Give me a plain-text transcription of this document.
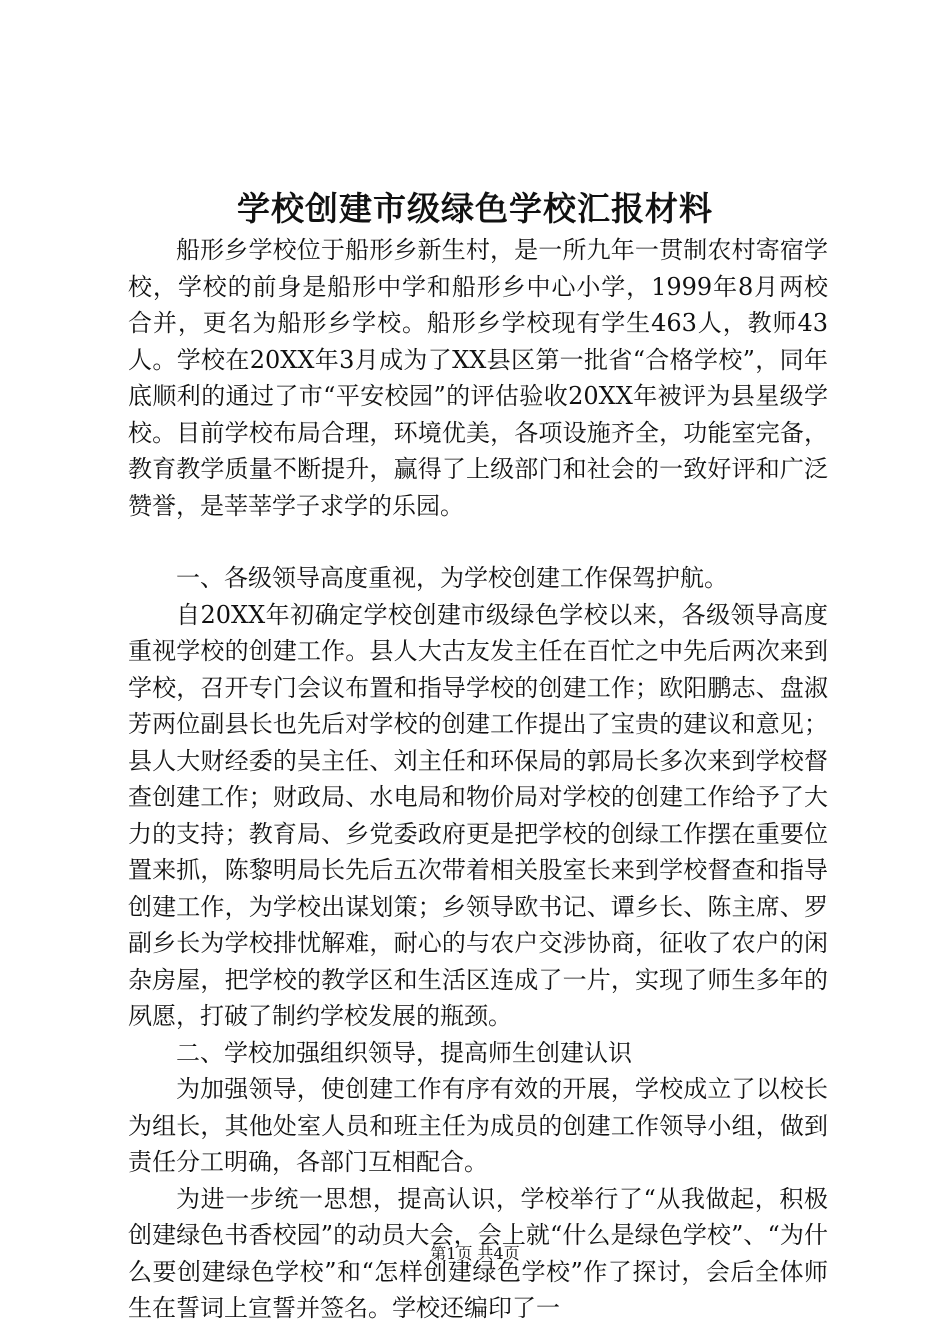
学校创建市级绿色学校汇报材料

船形乡学校位于船形乡新生村，是一所九年一贯制农村寄宿学校，学校的前身是船形中学和船形乡中心小学，1999年8月两校合并，更名为船形乡学校。船形乡学校现有学生463人，教师43人。学校在20XX年3月成为了XX县区第一批省“合格学校”，同年底顺利的通过了市“平安校园”的评估验收20XX年被评为县星级学校。目前学校布局合理，环境优美，各项设施齐全，功能室完备，教育教学质量不断提升，赢得了上级部门和社会的一致好评和广泛赞誉，是莘莘学子求学的乐园。

一、各级领导高度重视，为学校创建工作保驾护航。

自20XX年初确定学校创建市级绿色学校以来，各级领导高度重视学校的创建工作。县人大古友发主任在百忙之中先后两次来到学校，召开专门会议布置和指导学校的创建工作；欧阳鹏志、盘淑芳两位副县长也先后对学校的创建工作提出了宝贵的建议和意见；县人大财经委的吴主任、刘主任和环保局的郭局长多次来到学校督查创建工作；财政局、水电局和物价局对学校的创建工作给予了大力的支持；教育局、乡党委政府更是把学校的创绿工作摆在重要位置来抓，陈黎明局长先后五次带着相关股室长来到学校督查和指导创建工作，为学校出谋划策；乡领导欧书记、谭乡长、陈主席、罗副乡长为学校排忧解难，耐心的与农户交涉协商，征收了农户的闲杂房屋，把学校的教学区和生活区连成了一片，实现了师生多年的夙愿，打破了制约学校发展的瓶颈。

二、学校加强组织领导，提高师生创建认识

为加强领导，使创建工作有序有效的开展，学校成立了以校长为组长，其他处室人员和班主任为成员的创建工作领导小组，做到责任分工明确，各部门互相配合。

为进一步统一思想，提高认识，学校举行了“从我做起，积极创建绿色书香校园”的动员大会，会上就“什么是绿色学校”、“为什么要创建绿色学校”和“怎样创建绿色学校”作了探讨，会后全体师生在誓词上宣誓并签名。学校还编印了一

第1页 共4页
